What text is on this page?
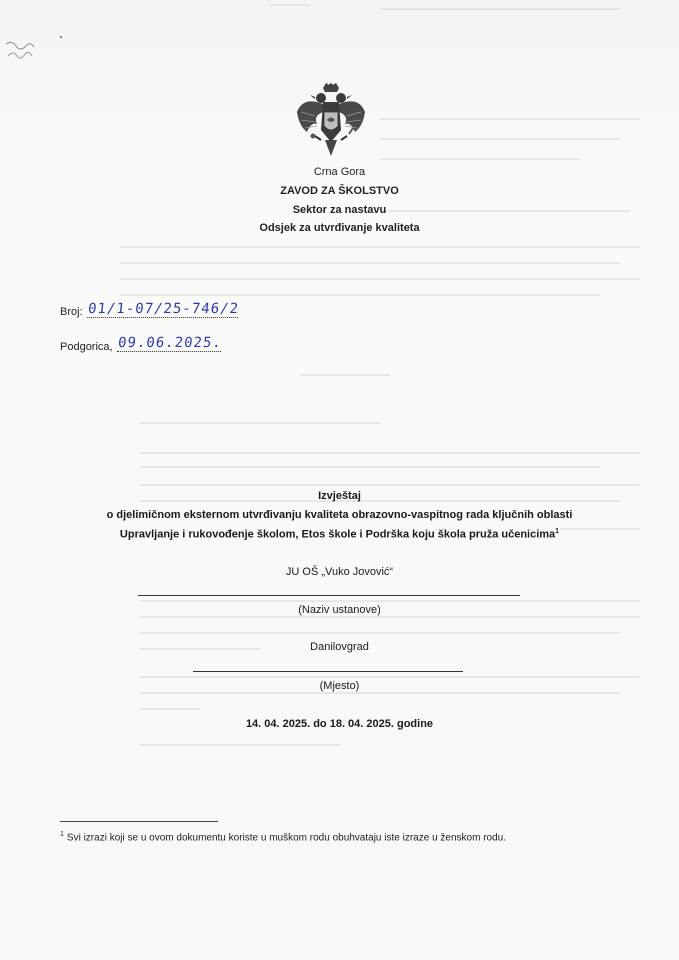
Crna Gora
ZAVOD ZA ŠKOLSTVO
Sektor za nastavu
Odsjek za utvrđivanje kvaliteta
Broj: 01/1-07/25-746/2
Podgorica, 09.06.2025.
Izvještaj
o djelimičnom eksternom utvrđivanju kvaliteta obrazovno-vaspitnog rada ključnih oblasti
Upravljanje i rukovođenje školom, Etos škole i Podrška koju škola pruža učenicima$^1$
JU OŠ „Vuko Jovović“
(Naziv ustanove)
Danilovgrad
(Mjesto)
14. 04. 2025. do 18. 04. 2025. godine
$^1$ Svi izrazi koji se u ovom dokumentu koriste u muškom rodu obuhvataju iste izraze u ženskom rodu.
